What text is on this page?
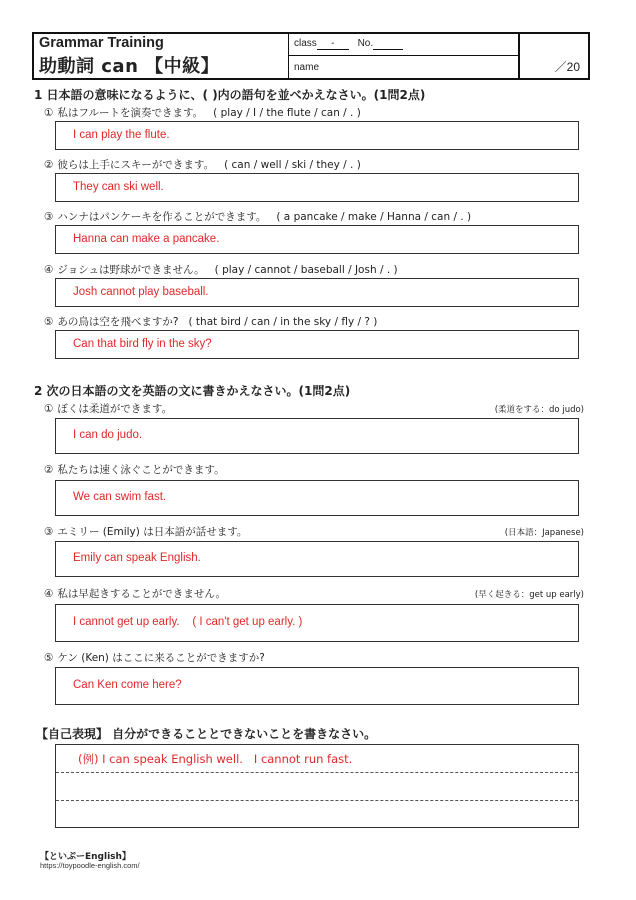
Grammar Training
助動詞 can 【中級】
class - No.
name	／20
1 日本語の意味になるように、( )内の語句を並べかえなさい。(1問2点)
① 私はフルートを演奏できます。 ( play / I / the flute / can / . )
I can play the flute.
② 彼らは上手にスキーができます。 ( can / well / ski / they / . )
They can ski well.
③ ハンナはパンケーキを作ることができます。 ( a pancake / make / Hanna / can / . )
Hanna can make a pancake.
④ ジョシュは野球ができません。 ( play / cannot / baseball / Josh / . )
Josh cannot play baseball.
⑤ あの鳥は空を飛べますか? ( that bird / can / in the sky / fly / ? )
Can that bird fly in the sky?
2 次の日本語の文を英語の文に書きかえなさい。(1問2点)
① ぼくは柔道ができます。	(柔道をする：do judo)
I can do judo.
② 私たちは速く泳ぐことができます。
We can swim fast.
③ エミリー (Emily) は日本語が話せます。	(日本語：Japanese)
Emily can speak English.
④ 私は早起きすることができません。	(早く起きる：get up early)
I cannot get up early.    ( I can't get up early. )
⑤ ケン (Ken) はここに来ることができますか?
Can Ken come here?
【自己表現】 自分ができることとできないことを書きなさい。
(例) I can speak English well.   I cannot run fast.
【といぷーEnglish】
https://toypoodle-english.com/
